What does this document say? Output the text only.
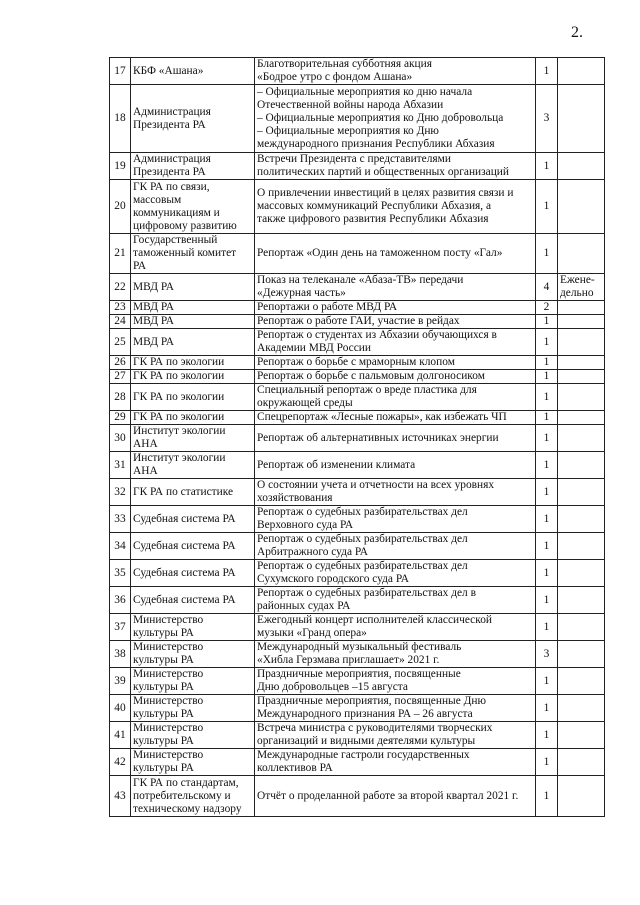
2.
17	КБФ «Ашана»	Благотворительная субботняя акция
«Бодрое утро с фондом Ашана»	1	
18	Администрация
Президента РА	– Официальные мероприятия ко дню начала
Отечественной войны народа Абхазии
– Официальные мероприятия ко Дню добровольца
– Официальные мероприятия ко Дню
международного признания Республики Абхазия	3	
19	Администрация
Президента РА	Встречи Президента с представителями
политических партий и общественных организаций	1	
20	ГК РА по связи,
массовым
коммуникациям и
цифровому развитию	О привлечении инвестиций в целях развития связи и
массовых коммуникаций Республики Абхазия, а
также цифрового развития Республики Абхазия	1	
21	Государственный
таможенный комитет
РА	Репортаж «Один день на таможенном посту «Гал»	1	
22	МВД РА	Показ на телеканале «Абаза-ТВ» передачи
«Дежурная часть»	4	Еженe-
дельно

23	МВД РА	Репортажи о работе МВД РА	2	
24	МВД РА	Репортаж о работе ГАИ, участие в рейдах	1	
25	МВД РА	Репортаж о студентах из Абхазии обучающихся в
Академии МВД России	1	
26	ГК РА по экологии	Репортаж о борьбе с мраморным клопом	1	
27	ГК РА по экологии	Репортаж о борьбе с пальмовым долгоносиком	1	
28	ГК РА по экологии	Специальный репортаж о вреде пластика для
окружающей среды	1	
29	ГК РА по экологии	Спецрепортаж «Лесные пожары», как избежать ЧП	1	
30	Институт экологии
АНА	Репортаж об альтернативных источниках энергии	1	
31	Институт экологии
АНА	Репортаж об изменении климата	1	
32	ГК РА по статистике	О состоянии учета и отчетности на всех уровнях
хозяйствования	1	
33	Судебная система РА	Репортаж о судебных разбирательствах дел
Верховного суда РА	1	
34	Судебная система РА	Репортаж о судебных разбирательствах дел
Арбитражного суда РА	1	
35	Судебная система РА	Репортаж о судебных разбирательствах дел
Сухумского городского суда РА	1	
36	Судебная система РА	Репортаж о судебных разбирательствах дел в
районных судах РА	1	
37	Министерство
культуры РА	Ежегодный концерт исполнителей классической
музыки «Гранд опера»	1	
38	Министерство
культуры РА	Международный музыкальный фестиваль
«Хибла Герзмава приглашает» 2021 г.	3	
39	Министерство
культуры РА	Праздничные мероприятия, посвященные
Дню добровольцев –15 августа	1	
40	Министерство
культуры РА	Праздничные мероприятия, посвященные Дню
Международного признания РА – 26 августа	1	
41	Министерство
культуры РА	Встреча министра с руководителями творческих
организаций и видными деятелями культуры	1	
42	Министерство
культуры РА	Международные гастроли государственных
коллективов РА	1	
43	ГК РА по стандартам,
потребительскому и
техническому надзору	Отчёт о проделанной работе за второй квартал 2021 г.	1	
